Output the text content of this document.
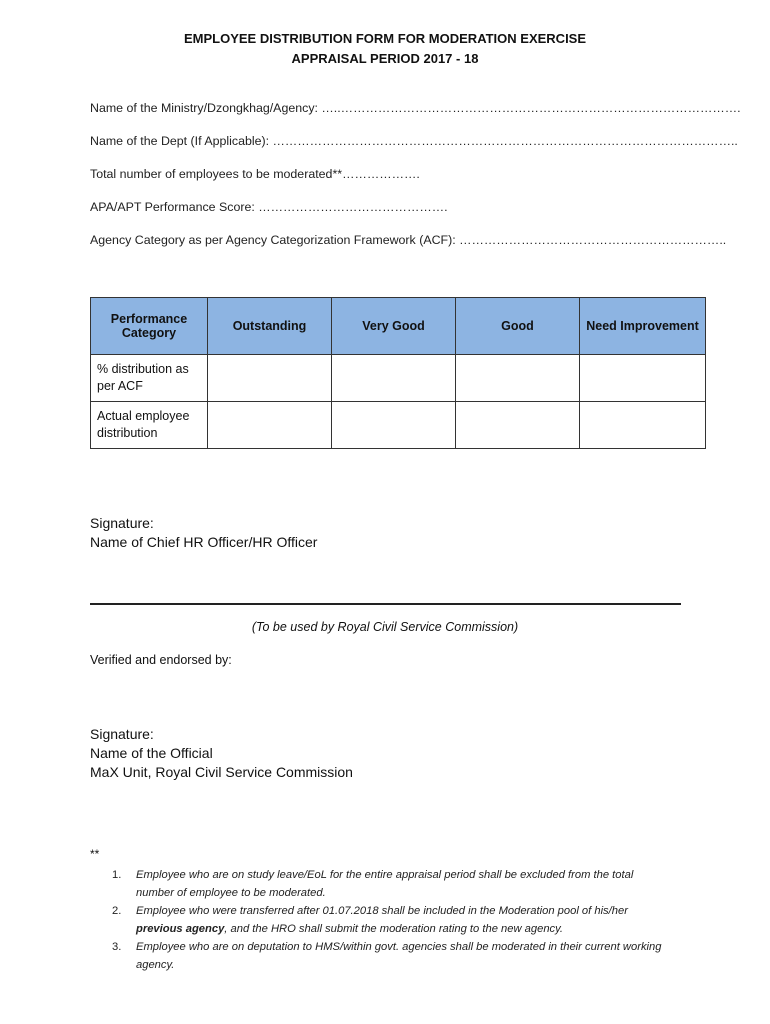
EMPLOYEE DISTRIBUTION FORM FOR MODERATION EXERCISE
APPRAISAL PERIOD 2017 - 18
Name of the Ministry/Dzongkhag/Agency: …..…………………………………………………………………………………….
Name of the Dept (If Applicable): …………………………………………………………………………………………………..
Total number of employees to be moderated**……………….
APA/APT Performance Score: ……………………………………….
Agency Category as per Agency Categorization Framework (ACF): ………………………………………………………..
Performance Category	Outstanding	Very Good	Good	Need Improvement
% distribution as per ACF				
Actual employee distribution				
Signature:
Name of Chief HR Officer/HR Officer
(To be used by Royal Civil Service Commission)
Verified and endorsed by:
Signature:
Name of the Official
MaX Unit, Royal Civil Service Commission
**
1. Employee who are on study leave/EoL for the entire appraisal period shall be excluded from the total number of employee to be moderated.
2. Employee who were transferred after 01.07.2018 shall be included in the Moderation pool of his/her previous agency, and the HRO shall submit the moderation rating to the new agency.
3. Employee who are on deputation to HMS/within govt. agencies shall be moderated in their current working agency.
